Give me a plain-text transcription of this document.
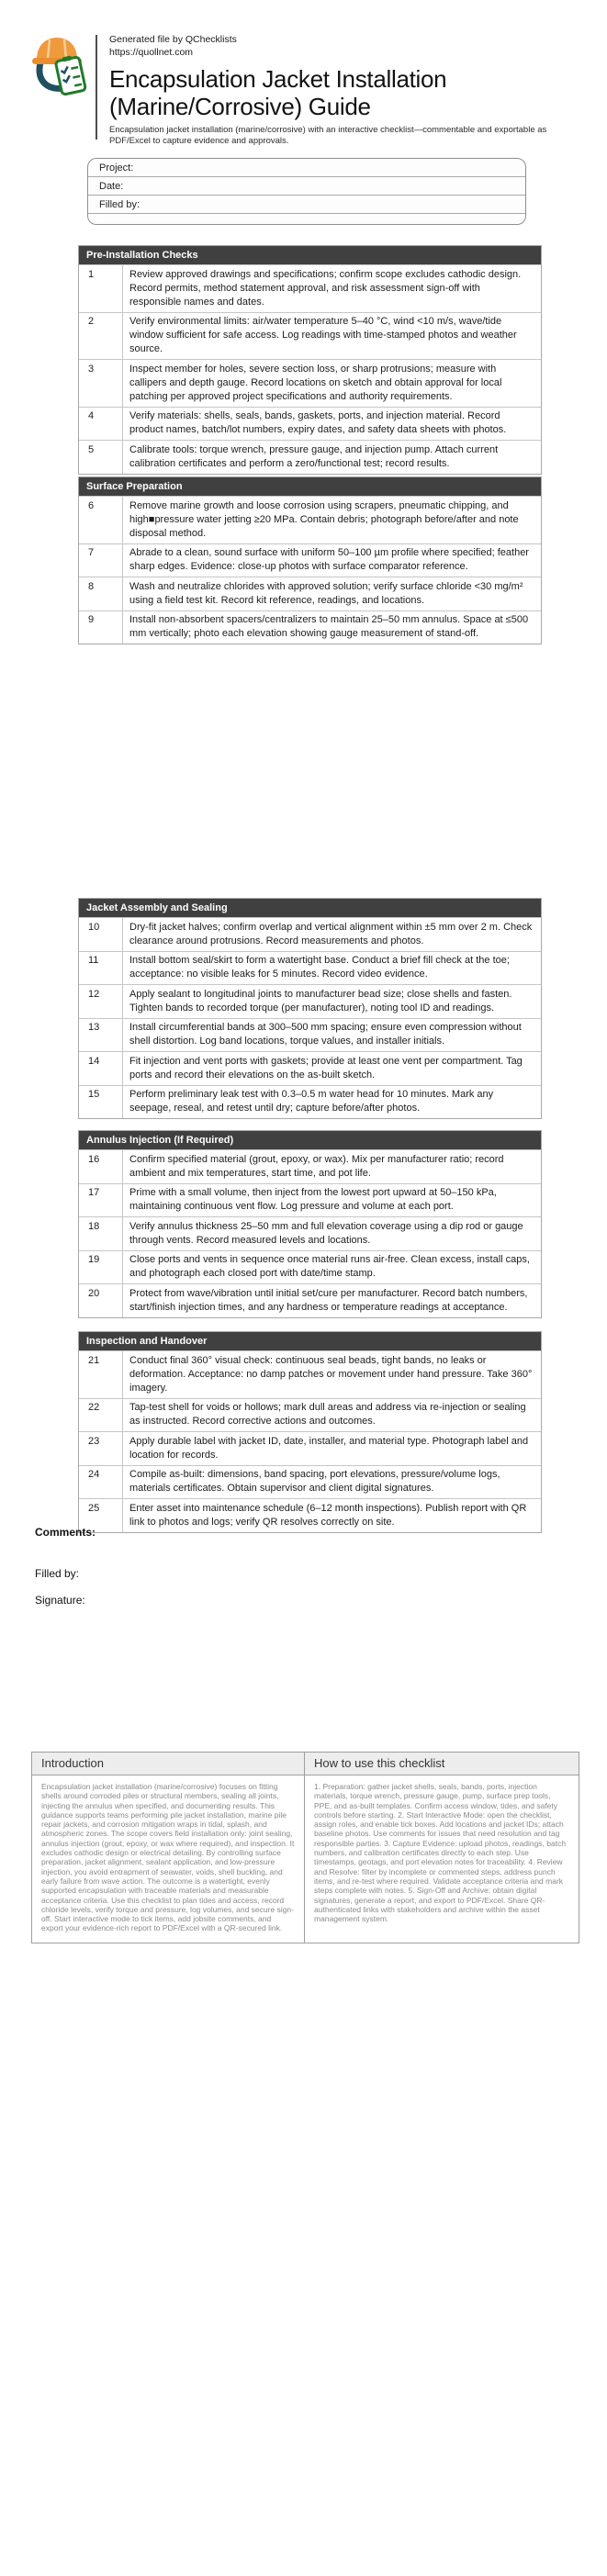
Generated file by QChecklists
https://quollnet.com
Encapsulation Jacket Installation (Marine/Corrosive) Guide

Encapsulation jacket installation (marine/corrosive) with an interactive checklist—commentable and exportable as PDF/Excel to capture evidence and approvals.

Project:
Date:
Filled by:
Pre-Installation Checks
1	Review approved drawings and specifications; confirm scope excludes cathodic design. Record permits, method statement approval, and risk assessment sign-off with responsible names and dates.
2	Verify environmental limits: air/water temperature 5–40 °C, wind <10 m/s, wave/tide window sufficient for safe access. Log readings with time-stamped photos and weather source.
3	Inspect member for holes, severe section loss, or sharp protrusions; measure with callipers and depth gauge. Record locations on sketch and obtain approval for local patching per approved project specifications and authority requirements.
4	Verify materials: shells, seals, bands, gaskets, ports, and injection material. Record product names, batch/lot numbers, expiry dates, and safety data sheets with photos.
5	Calibrate tools: torque wrench, pressure gauge, and injection pump. Attach current calibration certificates and perform a zero/functional test; record results.
Surface Preparation
6	Remove marine growth and loose corrosion using scrapers, pneumatic chipping, and high■pressure water jetting ≥20 MPa. Contain debris; photograph before/after and note disposal method.
7	Abrade to a clean, sound surface with uniform 50–100 µm profile where specified; feather sharp edges. Evidence: close-up photos with surface comparator reference.
8	Wash and neutralize chlorides with approved solution; verify surface chloride <30 mg/m² using a field test kit. Record kit reference, readings, and locations.
9	Install non-absorbent spacers/centralizers to maintain 25–50 mm annulus. Space at ≤500 mm vertically; photo each elevation showing gauge measurement of stand-off.
Jacket Assembly and Sealing
10	Dry-fit jacket halves; confirm overlap and vertical alignment within ±5 mm over 2 m. Check clearance around protrusions. Record measurements and photos.
11	Install bottom seal/skirt to form a watertight base. Conduct a brief fill check at the toe; acceptance: no visible leaks for 5 minutes. Record video evidence.
12	Apply sealant to longitudinal joints to manufacturer bead size; close shells and fasten. Tighten bands to recorded torque (per manufacturer), noting tool ID and readings.
13	Install circumferential bands at 300–500 mm spacing; ensure even compression without shell distortion. Log band locations, torque values, and installer initials.
14	Fit injection and vent ports with gaskets; provide at least one vent per compartment. Tag ports and record their elevations on the as-built sketch.
15	Perform preliminary leak test with 0.3–0.5 m water head for 10 minutes. Mark any seepage, reseal, and retest until dry; capture before/after photos.
Annulus Injection (If Required)
16	Confirm specified material (grout, epoxy, or wax). Mix per manufacturer ratio; record ambient and mix temperatures, start time, and pot life.
17	Prime with a small volume, then inject from the lowest port upward at 50–150 kPa, maintaining continuous vent flow. Log pressure and volume at each port.
18	Verify annulus thickness 25–50 mm and full elevation coverage using a dip rod or gauge through vents. Record measured levels and locations.
19	Close ports and vents in sequence once material runs air-free. Clean excess, install caps, and photograph each closed port with date/time stamp.
20	Protect from wave/vibration until initial set/cure per manufacturer. Record batch numbers, start/finish injection times, and any hardness or temperature readings at acceptance.
Inspection and Handover
21	Conduct final 360° visual check: continuous seal beads, tight bands, no leaks or deformation. Acceptance: no damp patches or movement under hand pressure. Take 360° imagery.
22	Tap-test shell for voids or hollows; mark dull areas and address via re-injection or sealing as instructed. Record corrective actions and outcomes.
23	Apply durable label with jacket ID, date, installer, and material type. Photograph label and location for records.
24	Compile as-built: dimensions, band spacing, port elevations, pressure/volume logs, materials certificates. Obtain supervisor and client digital signatures.
25	Enter asset into maintenance schedule (6–12 month inspections). Publish report with QR link to photos and logs; verify QR resolves correctly on site.
Comments:
Filled by:
Signature:
Introduction	How to use this checklist
Encapsulation jacket installation (marine/corrosive) focuses on fitting shells around corroded piles or structural members, sealing all joints, injecting the annulus when specified, and documenting results. This guidance supports teams performing pile jacket installation, marine pile repair jackets, and corrosion mitigation wraps in tidal, splash, and atmospheric zones. The scope covers field installation only: joint sealing, annulus injection (grout, epoxy, or wax where required), and inspection. It excludes cathodic design or electrical detailing. By controlling surface preparation, jacket alignment, sealant application, and low-pressure injection, you avoid entrapment of seawater, voids, shell buckling, and early failure from wave action. The outcome is a watertight, evenly supported encapsulation with traceable materials and measurable acceptance criteria. Use this checklist to plan tides and access, record chloride levels, verify torque and pressure, log volumes, and secure sign-off. Start interactive mode to tick items, add jobsite comments, and export your evidence-rich report to PDF/Excel with a QR-secured link.
1. Preparation: gather jacket shells, seals, bands, ports, injection materials, torque wrench, pressure gauge, pump, surface prep tools, PPE, and as-built templates. Confirm access window, tides, and safety controls before starting. 2. Start Interactive Mode: open the checklist, assign roles, and enable tick boxes. Add locations and jacket IDs; attach baseline photos. Use comments for issues that need resolution and tag responsible parties. 3. Capture Evidence: upload photos, readings, batch numbers, and calibration certificates directly to each step. Use timestamps, geotags, and port elevation notes for traceability. 4. Review and Resolve: filter by incomplete or commented steps, address punch items, and re-test where required. Validate acceptance criteria and mark steps complete with notes. 5. Sign-Off and Archive: obtain digital signatures, generate a report, and export to PDF/Excel. Share QR-authenticated links with stakeholders and archive within the asset management system.
